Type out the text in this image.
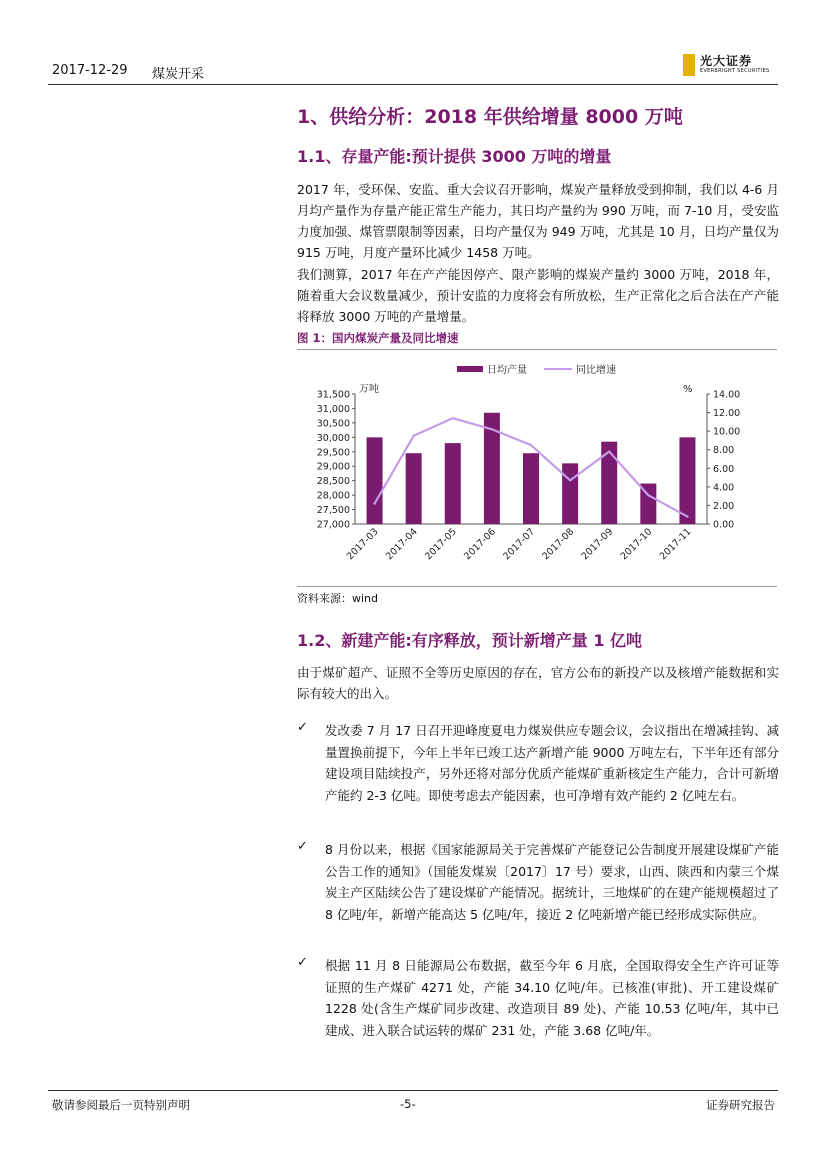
2017-12-29 煤炭开采
光大证券
EVERBRIGHT SECURITIES
1、供给分析：2018 年供给增量 8000 万吨
1.1、存量产能:预计提供 3000 万吨的增量
2017 年，受环保、安监、重大会议召开影响，煤炭产量释放受到抑制，我们以 4-6 月月均产量作为存量产能正常生产能力，其日均产量约为 990 万吨，而 7-10 月，受安监力度加强、煤管票限制等因素，日均产量仅为 949 万吨，尤其是 10 月，日均产量仅为 915 万吨，月度产量环比减少 1458 万吨。
我们测算，2017 年在产产能因停产、限产影响的煤炭产量约 3000 万吨，2018 年，随着重大会议数量减少，预计安监的力度将会有所放松，生产正常化之后合法在产产能将释放 3000 万吨的产量增量。
图 1：国内煤炭产量及同比增速
日均产量	同比增速
万吨	%
31,500
31,000
30,500
30,000
29,500
29,000
28,500
28,000
27,500
27,000
14.00
12.00
10.00
8.00
6.00
4.00
2.00
0.00
2017-03 2017-04 2017-05 2017-06 2017-07 2017-08 2017-09 2017-10 2017-11
资料来源：wind
1.2、新建产能:有序释放，预计新增产量 1 亿吨
由于煤矿超产、证照不全等历史原因的存在，官方公布的新投产以及核增产能数据和实际有较大的出入。
✓ 发改委 7 月 17 日召开迎峰度夏电力煤炭供应专题会议，会议指出在增减挂钩、减量置换前提下，今年上半年已竣工达产新增产能 9000 万吨左右，下半年还有部分建设项目陆续投产，另外还将对部分优质产能煤矿重新核定生产能力，合计可新增产能约 2-3 亿吨。即使考虑去产能因素，也可净增有效产能约 2 亿吨左右。
✓ 8 月份以来，根据《国家能源局关于完善煤矿产能登记公告制度开展建设煤矿产能公告工作的通知》（国能发煤炭〔2017〕17 号）要求，山西、陕西和内蒙三个煤炭主产区陆续公告了建设煤矿产能情况。据统计，三地煤矿的在建产能规模超过了 8 亿吨/年，新增产能高达 5 亿吨/年，接近 2 亿吨新增产能已经形成实际供应。
✓ 根据 11 月 8 日能源局公布数据，截至今年 6 月底，全国取得安全生产许可证等证照的生产煤矿 4271 处，产能 34.10 亿吨/年。已核准(审批)、开工建设煤矿 1228 处(含生产煤矿同步改建、改造项目 89 处)、产能 10.53 亿吨/年，其中已建成、进入联合试运转的煤矿 231 处，产能 3.68 亿吨/年。
敬请参阅最后一页特别声明	-5-	证券研究报告
